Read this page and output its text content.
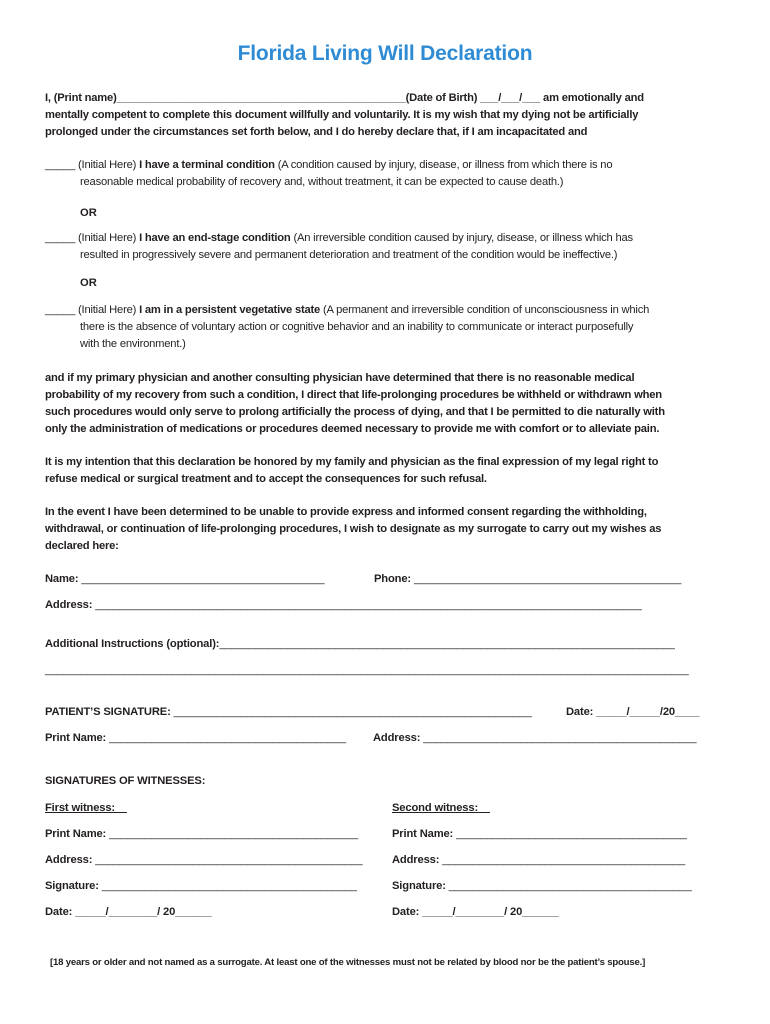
Florida Living Will Declaration
I, (Print name)________________________________________________(Date of Birth) ___/___/___ am emotionally and
mentally competent to complete this document willfully and voluntarily. It is my wish that my dying not be artificially
prolonged under the circumstances set forth below, and I do hereby declare that, if I am incapacitated and
_____ (Initial Here) I have a terminal condition (A condition caused by injury, disease, or illness from which there is no
reasonable medical probability of recovery and, without treatment, it can be expected to cause death.)
OR
_____ (Initial Here) I have an end-stage condition (An irreversible condition caused by injury, disease, or illness which has
resulted in progressively severe and permanent deterioration and treatment of the condition would be ineffective.)
OR
_____ (Initial Here) I am in a persistent vegetative state (A permanent and irreversible condition of unconsciousness in which
there is the absence of voluntary action or cognitive behavior and an inability to communicate or interact purposefully
with the environment.)
and if my primary physician and another consulting physician have determined that there is no reasonable medical
probability of my recovery from such a condition, I direct that life-prolonging procedures be withheld or withdrawn when
such procedures would only serve to prolong artificially the process of dying, and that I be permitted to die naturally with
only the administration of medications or procedures deemed necessary to provide me with comfort or to alleviate pain.
It is my intention that this declaration be honored by my family and physician as the final expression of my legal right to
refuse medical or surgical treatment and to accept the consequences for such refusal.
In the event I have been determined to be unable to provide express and informed consent regarding the withholding,
withdrawal, or continuation of life-prolonging procedures, I wish to designate as my surrogate to carry out my wishes as
declared here:
Name: ________________________________________	Phone: ____________________________________________
Address: __________________________________________________________________________________________
Additional Instructions (optional):___________________________________________________________________________
__________________________________________________________________________________________________________
PATIENT’S SIGNATURE: ___________________________________________________________	Date: _____/_____/20____
Print Name: _______________________________________ Address: _____________________________________________
SIGNATURES OF WITNESSES:
First witness:	Second witness:
Print Name: _________________________________________	Print Name: ______________________________________
Address: ____________________________________________	Address: ________________________________________
Signature: __________________________________________	Signature: ________________________________________
Date: _____/________/ 20______	Date: _____/________/ 20______
[18 years or older and not named as a surrogate. At least one of the witnesses must not be related by blood nor be the patient’s spouse.]
